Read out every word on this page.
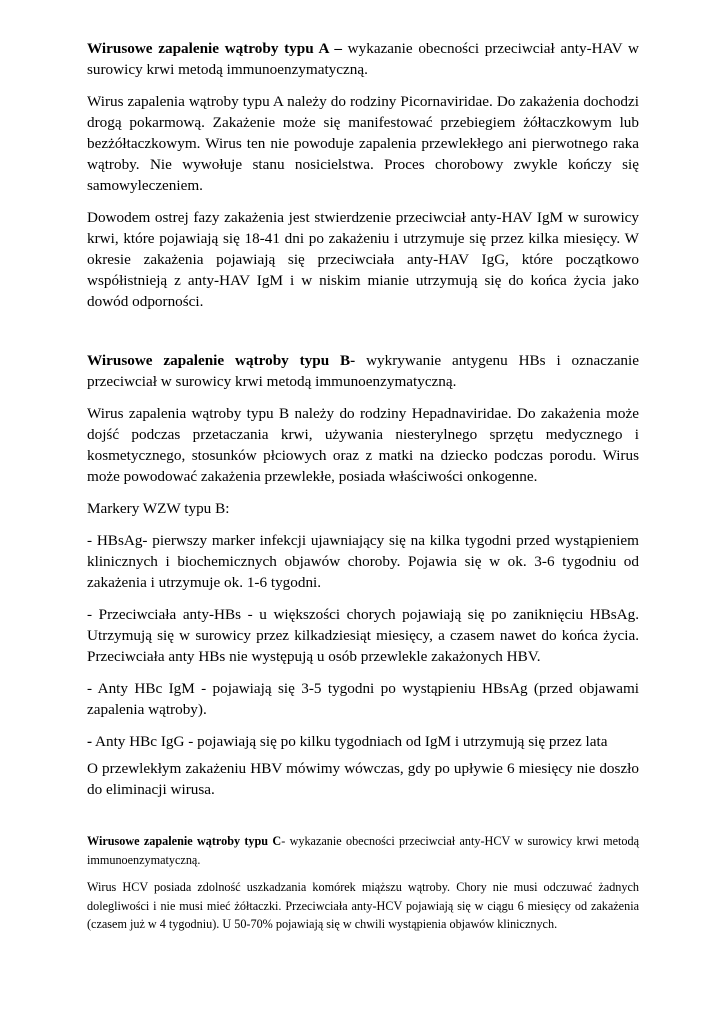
Wirusowe zapalenie wątroby typu A – wykazanie obecności przeciwciał anty-HAV w surowicy krwi metodą immunoenzymatyczną.

Wirus zapalenia wątroby typu A należy do rodziny Picornaviridae. Do zakażenia dochodzi drogą pokarmową. Zakażenie może się manifestować przebiegiem żółtaczkowym lub bezżółtaczkowym. Wirus ten nie powoduje zapalenia przewlekłego ani pierwotnego raka wątroby. Nie wywołuje stanu nosicielstwa. Proces chorobowy zwykle kończy się samowyleczeniem.

Dowodem ostrej fazy zakażenia jest stwierdzenie przeciwciał anty-HAV IgM w surowicy krwi, które pojawiają się 18-41 dni po zakażeniu i utrzymuje się przez kilka miesięcy. W okresie zakażenia pojawiają się przeciwciała anty-HAV IgG, które początkowo współistnieją z anty-HAV IgM i w niskim mianie utrzymują się do końca życia jako dowód odporności.

Wirusowe zapalenie wątroby typu B- wykrywanie antygenu HBs i oznaczanie przeciwciał w surowicy krwi metodą immunoenzymatyczną.

Wirus zapalenia wątroby typu B należy do rodziny Hepadnaviridae. Do zakażenia może dojść podczas przetaczania krwi, używania niesterylnego sprzętu medycznego i kosmetycznego, stosunków płciowych oraz z matki na dziecko podczas porodu. Wirus może powodować zakażenia przewlekłe, posiada właściwości onkogenne.

Markery WZW typu B:

- HBsAg- pierwszy marker infekcji ujawniający się na kilka tygodni przed wystąpieniem klinicznych i biochemicznych objawów choroby. Pojawia się w ok. 3-6 tygodniu od zakażenia i utrzymuje ok. 1-6 tygodni.

- Przeciwciała anty-HBs - u większości chorych pojawiają się po zaniknięciu HBsAg. Utrzymują się w surowicy przez kilkadziesiąt miesięcy, a czasem nawet do końca życia. Przeciwciała anty HBs nie występują u osób przewlekle zakażonych HBV.

- Anty HBc IgM - pojawiają się 3-5 tygodni po wystąpieniu HBsAg (przed objawami zapalenia wątroby).

- Anty HBc IgG - pojawiają się po kilku tygodniach od IgM i utrzymują się przez lata

O przewlekłym zakażeniu HBV mówimy wówczas, gdy po upływie 6 miesięcy nie doszło do eliminacji wirusa.

Wirusowe zapalenie wątroby typu C- wykazanie obecności przeciwciał anty-HCV w surowicy krwi metodą immunoenzymatyczną.

Wirus HCV posiada zdolność uszkadzania komórek miąższu wątroby. Chory nie musi odczuwać żadnych dolegliwości i nie musi mieć żółtaczki. Przeciwciała anty-HCV pojawiają się w ciągu 6 miesięcy od zakażenia (czasem już w 4 tygodniu). U 50-70% pojawiają się w chwili wystąpienia objawów klinicznych.
